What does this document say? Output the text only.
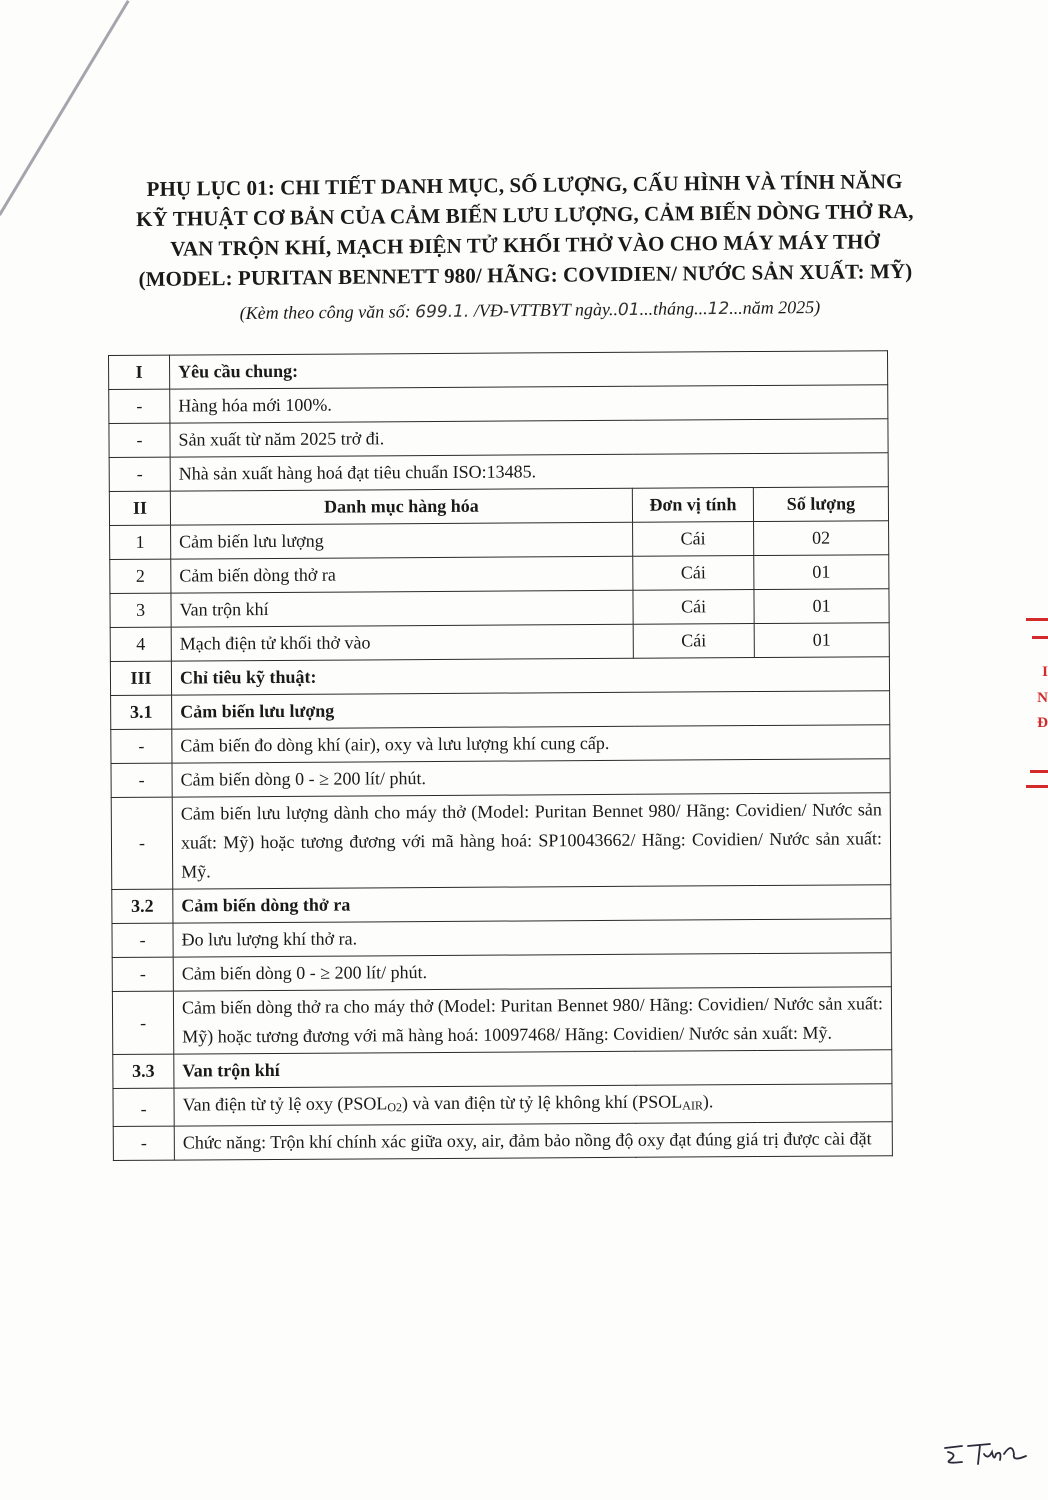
PHỤ LỤC 01: CHI TIẾT DANH MỤC, SỐ LƯỢNG, CẤU HÌNH VÀ TÍNH NĂNG
KỸ THUẬT CƠ BẢN CỦA CẢM BIẾN LƯU LƯỢNG, CẢM BIẾN DÒNG THỞ RA,
VAN TRỘN KHÍ, MẠCH ĐIỆN TỬ KHỐI THỞ VÀO CHO MÁY MÁY THỞ
(MODEL: PURITAN BENNETT 980/ HÃNG: COVIDIEN/ NƯỚC SẢN XUẤT: MỸ)
(Kèm theo công văn số: 699.1. /VĐ-VTTBYT ngày..01...tháng...12...năm 2025)
I	Yêu cầu chung:		
-	Hàng hóa mới 100%.		
-	Sản xuất từ năm 2025 trở đi.		
-	Nhà sản xuất hàng hoá đạt tiêu chuẩn ISO:13485.		
II	Danh mục hàng hóa	Đơn vị tính	Số lượng
1	Cảm biến lưu lượng	Cái	02
2	Cảm biến dòng thở ra	Cái	01
3	Van trộn khí	Cái	01
4	Mạch điện tử khối thở vào	Cái	01
III	Chỉ tiêu kỹ thuật:		
3.1	Cảm biến lưu lượng		
-	Cảm biến đo dòng khí (air), oxy và lưu lượng khí cung cấp.		
-	Cảm biến dòng 0 - ≥ 200 lít/ phút.		
-	Cảm biến lưu lượng dành cho máy thở (Model: Puritan Bennet 980/ Hãng: Covidien/ Nước sản xuất: Mỹ) hoặc tương đương với mã hàng hoá: SP10043662/ Hãng: Covidien/ Nước sản xuất: Mỹ.		
3.2	Cảm biến dòng thở ra		
-	Đo lưu lượng khí thở ra.		
-	Cảm biến dòng 0 - ≥ 200 lít/ phút.		
-	Cảm biến dòng thở ra cho máy thở (Model: Puritan Bennet 980/ Hãng: Covidien/ Nước sản xuất: Mỹ) hoặc tương đương với mã hàng hoá: 10097468/ Hãng: Covidien/ Nước sản xuất: Mỹ.		
3.3	Van trộn khí		
-	Van điện từ tỷ lệ oxy $(PSOL_{O2})$ và van điện từ tỷ lệ không khí $(PSOL_{AIR})$.		
-	Chức năng: Trộn khí chính xác giữa oxy, air, đảm bảo nồng độ oxy đạt đúng giá trị được cài đặt		
I
N
Đ
